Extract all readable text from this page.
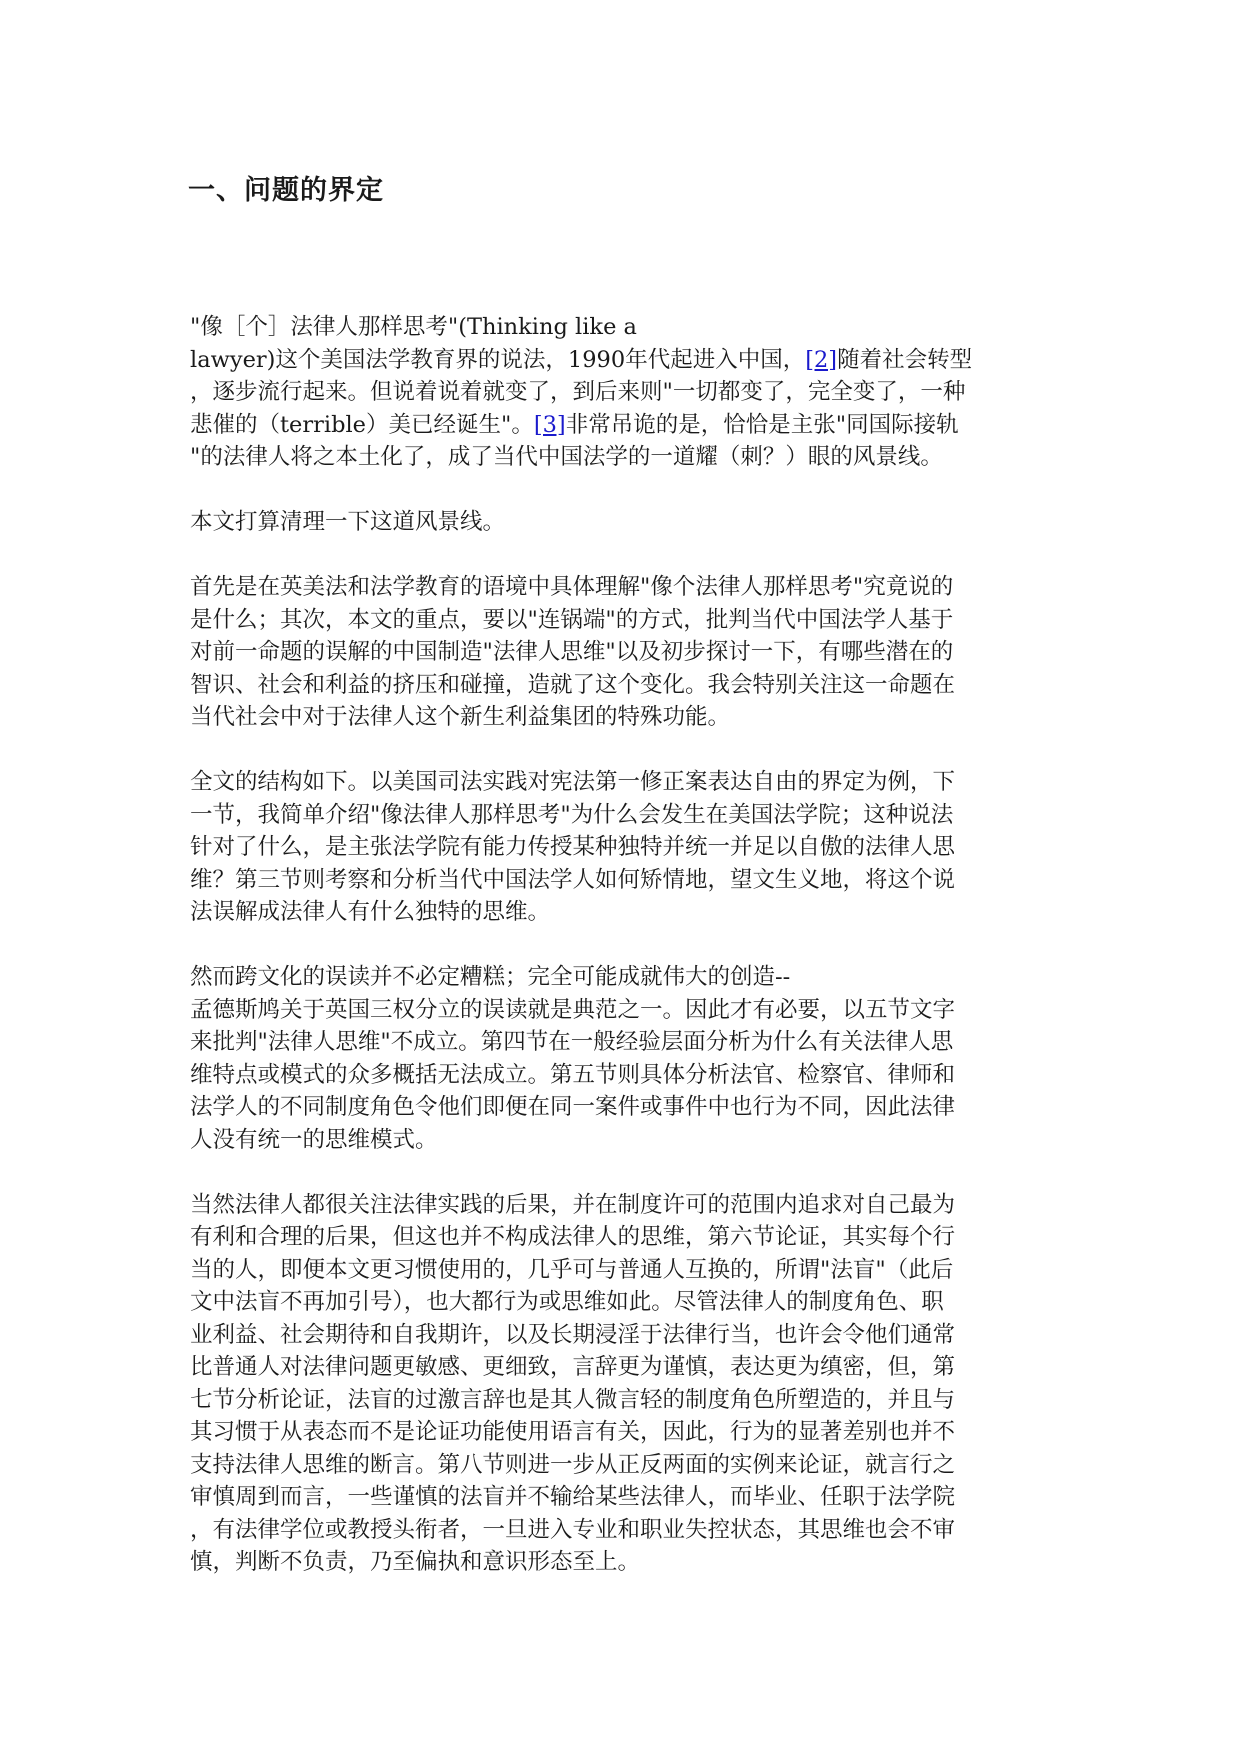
一、问题的界定

"像［个］法律人那样思考"(Thinking like a
lawyer)这个美国法学教育界的说法，1990年代起进入中国，[2]随着社会转型
，逐步流行起来。但说着说着就变了，到后来则"一切都变了，完全变了，一种
悲催的（terrible）美已经诞生"。[3]非常吊诡的是，恰恰是主张"同国际接轨
"的法律人将之本土化了，成了当代中国法学的一道耀（刺？）眼的风景线。

本文打算清理一下这道风景线。

首先是在英美法和法学教育的语境中具体理解"像个法律人那样思考"究竟说的
是什么；其次，本文的重点，要以"连锅端"的方式，批判当代中国法学人基于
对前一命题的误解的中国制造"法律人思维"以及初步探讨一下，有哪些潜在的
智识、社会和利益的挤压和碰撞，造就了这个变化。我会特别关注这一命题在
当代社会中对于法律人这个新生利益集团的特殊功能。

全文的结构如下。以美国司法实践对宪法第一修正案表达自由的界定为例，下
一节，我简单介绍"像法律人那样思考"为什么会发生在美国法学院；这种说法
针对了什么，是主张法学院有能力传授某种独特并统一并足以自傲的法律人思
维？第三节则考察和分析当代中国法学人如何矫情地，望文生义地，将这个说
法误解成法律人有什么独特的思维。

然而跨文化的误读并不必定糟糕；完全可能成就伟大的创造--
孟德斯鸠关于英国三权分立的误读就是典范之一。因此才有必要，以五节文字
来批判"法律人思维"不成立。第四节在一般经验层面分析为什么有关法律人思
维特点或模式的众多概括无法成立。第五节则具体分析法官、检察官、律师和
法学人的不同制度角色令他们即便在同一案件或事件中也行为不同，因此法律
人没有统一的思维模式。

当然法律人都很关注法律实践的后果，并在制度许可的范围内追求对自己最为
有利和合理的后果，但这也并不构成法律人的思维，第六节论证，其实每个行
当的人，即便本文更习惯使用的，几乎可与普通人互换的，所谓"法盲"（此后
文中法盲不再加引号），也大都行为或思维如此。尽管法律人的制度角色、职
业利益、社会期待和自我期许，以及长期浸淫于法律行当，也许会令他们通常
比普通人对法律问题更敏感、更细致，言辞更为谨慎，表达更为缜密，但，第
七节分析论证，法盲的过激言辞也是其人微言轻的制度角色所塑造的，并且与
其习惯于从表态而不是论证功能使用语言有关，因此，行为的显著差别也并不
支持法律人思维的断言。第八节则进一步从正反两面的实例来论证，就言行之
审慎周到而言，一些谨慎的法盲并不输给某些法律人，而毕业、任职于法学院
，有法律学位或教授头衔者，一旦进入专业和职业失控状态，其思维也会不审
慎，判断不负责，乃至偏执和意识形态至上。
